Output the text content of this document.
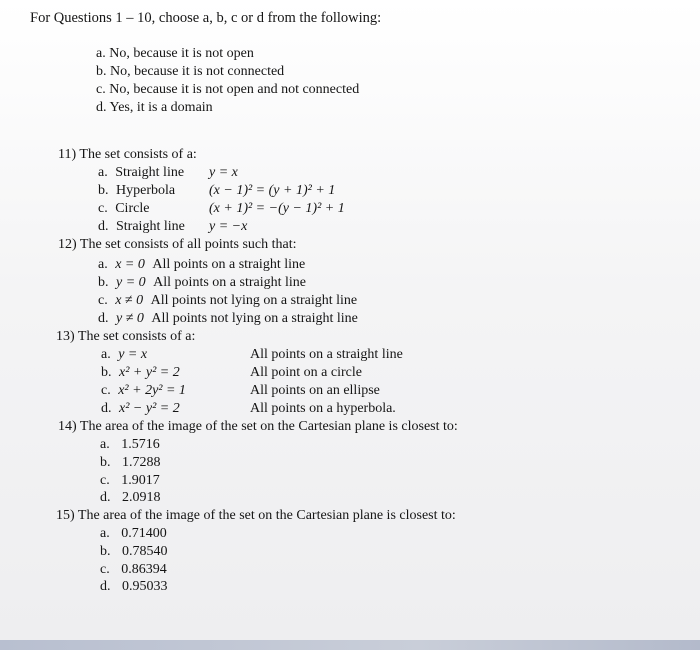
For Questions 1 – 10, choose a, b, c or d from the following:
a. No, because it is not open
b. No, because it is not connected
c. No, because it is not open and not connected
d. Yes, it is a domain
11) The set consists of a:
a. Straight line y = x
b. Hyperbola (x − 1)² = (y + 1)² + 1
c. Circle	(x + 1)² = −(y − 1)² + 1
d. Straight line y = −x
12) The set consists of all points such that:
a. x = 0 All points on a straight line
b. y = 0 All points on a straight line
c. x ≠ 0 All points not lying on a straight line
d. y ≠ 0 All points not lying on a straight line
13) The set consists of a:
a. y = x	All points on a straight line
b. x² + y² = 2	All point on a circle
c. x² + 2y² = 1	All points on an ellipse
d. x² − y² = 2	All points on a hyperbola.
14) The area of the image of the set on the Cartesian plane is closest to:
a. 1.5716
b. 1.7288
c. 1.9017
d. 2.0918
15) The area of the image of the set on the Cartesian plane is closest to:
a. 0.71400
b. 0.78540
c. 0.86394
d. 0.95033
